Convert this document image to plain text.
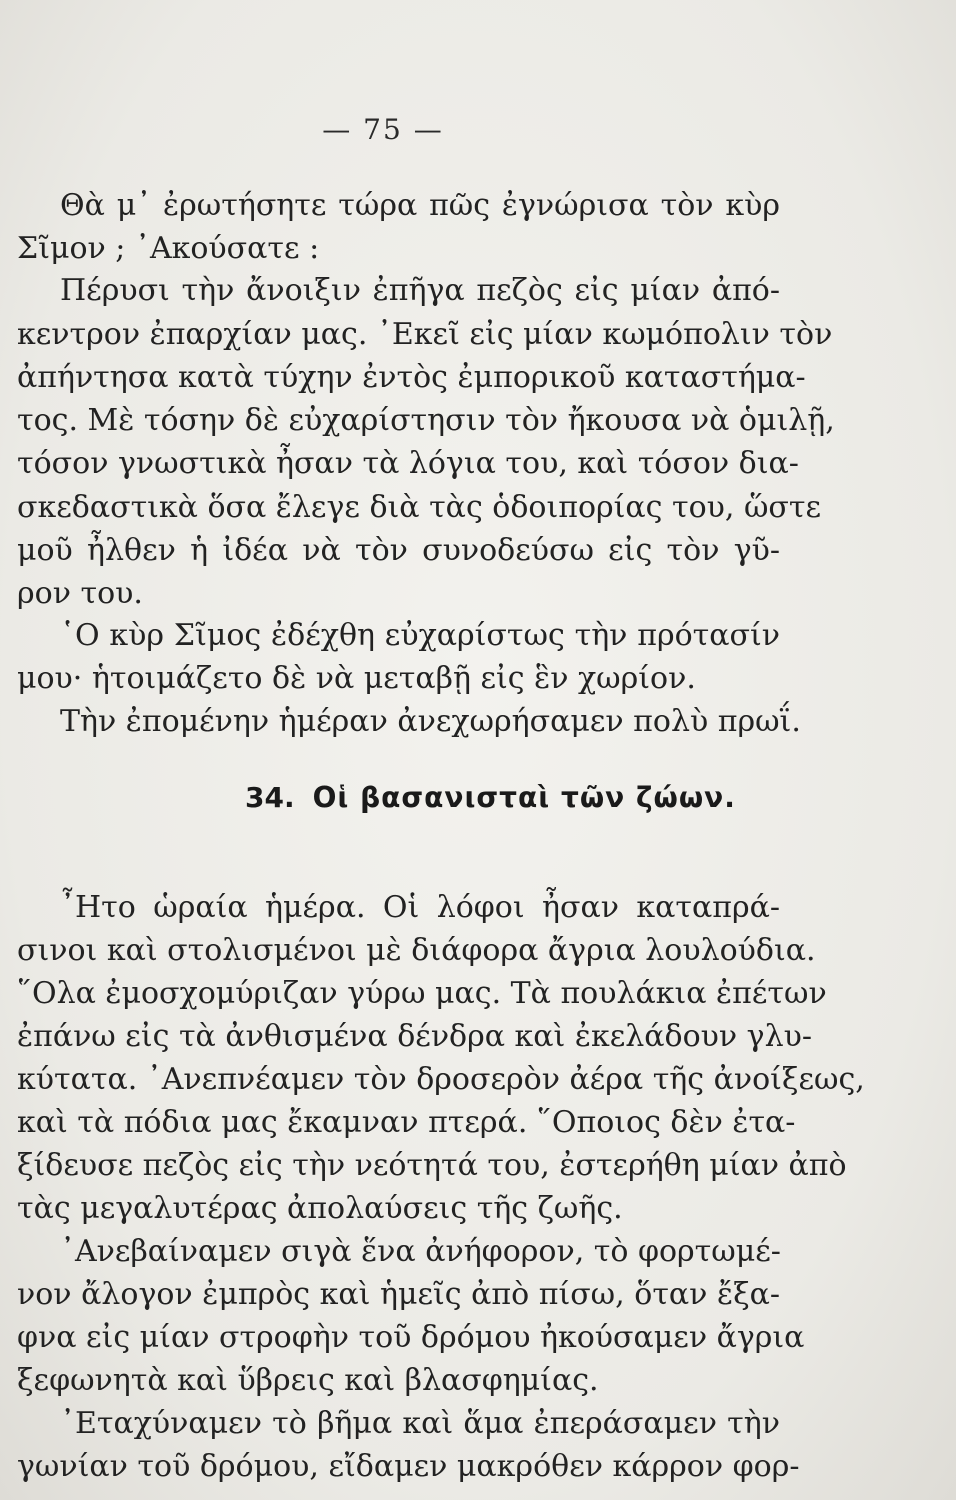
— 75 —
Θὰ μ᾽ ἐρωτήσητε τώρα πῶς ἐγνώρισα τὸν κὺρ
Σῖμον ; ᾽Ακούσατε :
Πέρυσι τὴν ἄνοιξιν ἐπῆγα πεζὸς εἰς μίαν ἀπό-
κεντρον ἐπαρχίαν μας. ᾽Εκεῖ εἰς μίαν κωμόπολιν τὸν
ἀπήντησα κατὰ τύχην ἐντὸς ἐμπορικοῦ καταστήμα-
τος. Μὲ τόσην δὲ εὐχαρίστησιν τὸν ἤκουσα νὰ ὁμιλῇ,
τόσον γνωστικὰ ἦσαν τὰ λόγια του, καὶ τόσον δια-
σκεδαστικὰ ὅσα ἔλεγε διὰ τὰς ὁδοιπορίας του, ὥστε
μοῦ ἦλθεν ἡ ἰδέα νὰ τὸν συνοδεύσω εἰς τὸν γῦ-
ρον του.
῾Ο κὺρ Σῖμος ἐδέχθη εὐχαρίστως τὴν πρότασίν
μου· ἡτοιμάζετο δὲ νὰ μεταβῇ εἰς ἓν χωρίον.
Τὴν ἐπομένην ἡμέραν ἀνεχωρήσαμεν πολὺ πρωΐ.
34. Οἱ βασανισταὶ τῶν ζώων.
῏Ητο ὡραία ἡμέρα. Οἱ λόφοι ἦσαν καταπρά-
σινοι καὶ στολισμένοι μὲ διάφορα ἄγρια λουλούδια.
῞Ολα ἐμοσχομύριζαν γύρω μας. Τὰ πουλάκια ἐπέτων
ἐπάνω εἰς τὰ ἀνθισμένα δένδρα καὶ ἐκελάδουν γλυ-
κύτατα. ᾽Ανεπνέαμεν τὸν δροσερὸν ἀέρα τῆς ἀνοίξεως,
καὶ τὰ πόδια μας ἔκαμναν πτερά. ῞Οποιος δὲν ἐτα-
ξίδευσε πεζὸς εἰς τὴν νεότητά του, ἐστερήθη μίαν ἀπὸ
τὰς μεγαλυτέρας ἀπολαύσεις τῆς ζωῆς.
᾽Ανεβαίναμεν σιγὰ ἕνα ἀνήφορον, τὸ φορτωμέ-
νον ἄλογον ἐμπρὸς καὶ ἡμεῖς ἀπὸ πίσω, ὅταν ἔξα-
φνα εἰς μίαν στροφὴν τοῦ δρόμου ἠκούσαμεν ἄγρια
ξεφωνητὰ καὶ ὕβρεις καὶ βλασφημίας.
᾽Εταχύναμεν τὸ βῆμα καὶ ἅμα ἐπεράσαμεν τὴν
γωνίαν τοῦ δρόμου, εἴδαμεν μακρόθεν κάρρον φορ-
